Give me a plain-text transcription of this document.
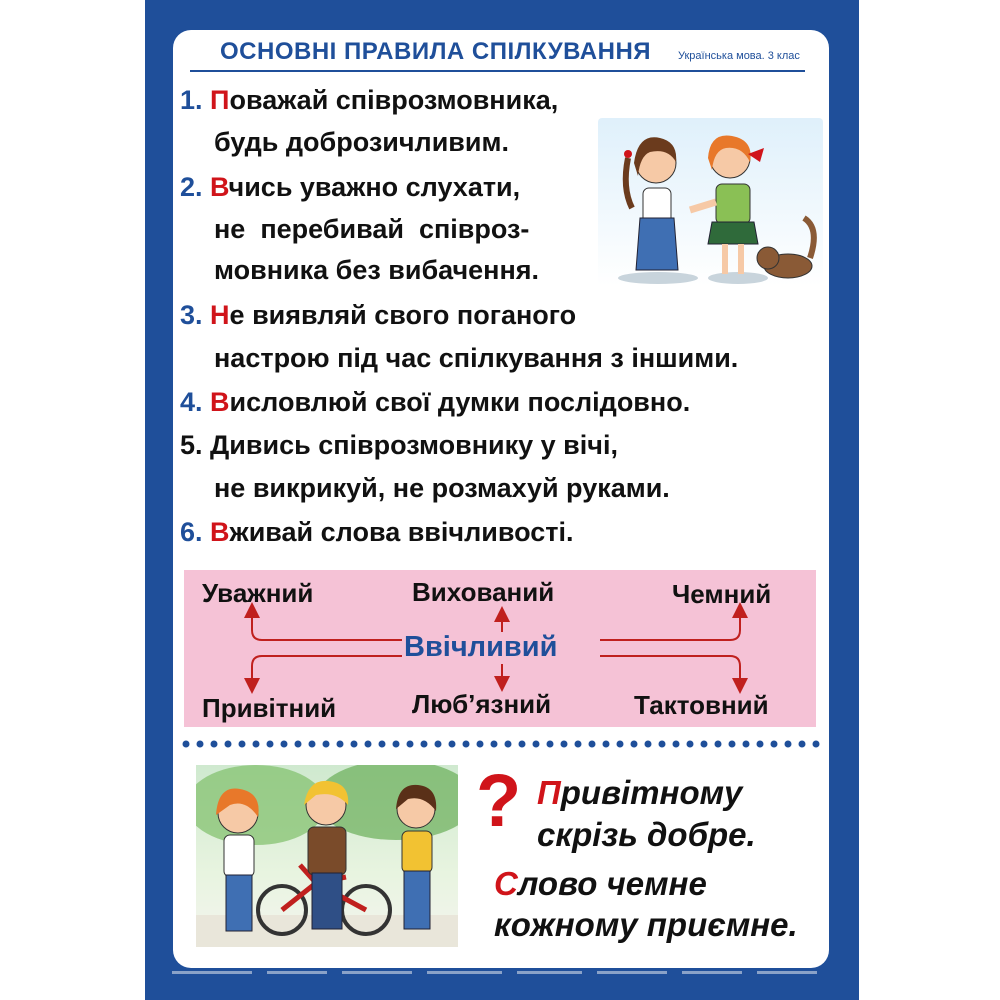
ОСНОВНІ ПРАВИЛА СПІЛКУВАННЯ Українська мова. 3 клас
1. Поважай співрозмовника,
будь доброзичливим.
2. Вчись уважно слухати,
не  перебивай  співроз-
мовника без вибачення.
3. Не виявляй свого поганого
настрою під час спілкування з іншими.
4. Висловлюй свої думки послідовно.
5. Дивись співрозмовнику у вічі,
не викрикуй, не розмахуй руками.
6. Вживай слова ввічливості.
Уважний	Вихований	Чемний
Ввічливий
Привітний	Люб’язний	Тактовний
? Привітному
скрізь добре.
Слово чемне
кожному приємне.
